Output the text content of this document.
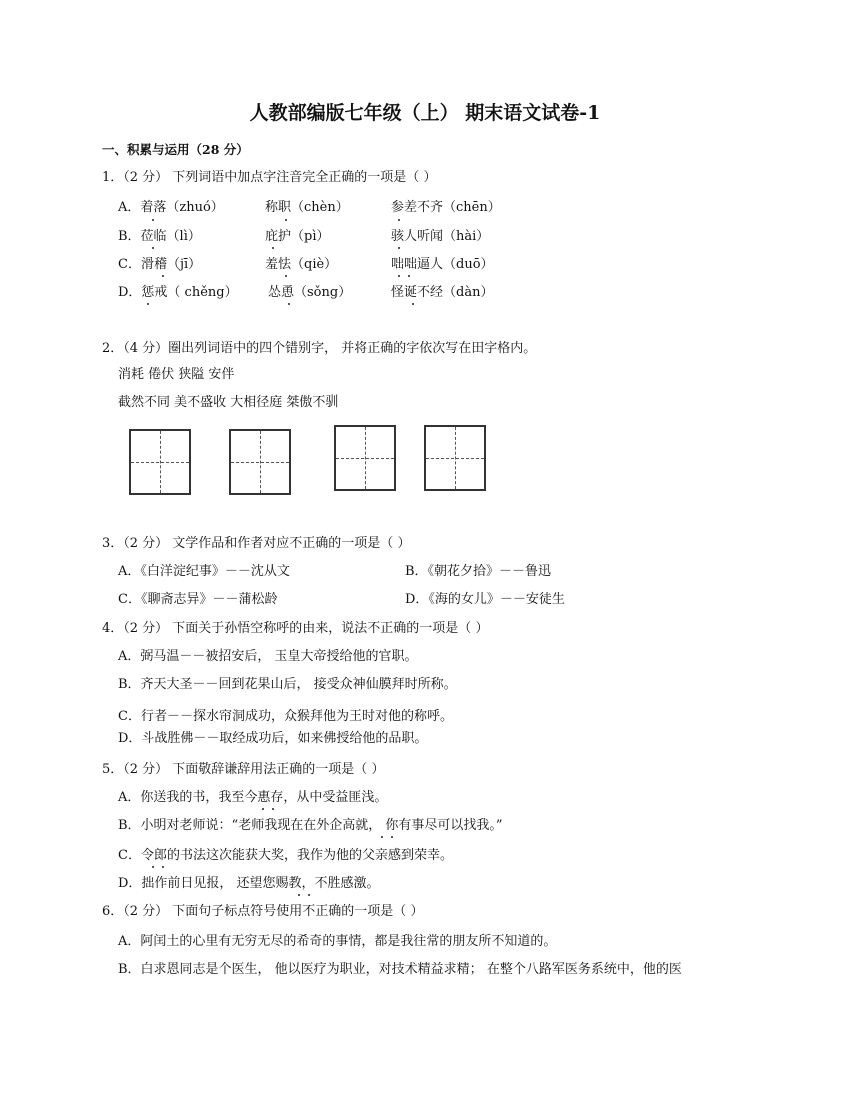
人教部编版七年级（上） 期末语文试卷-1
一、积累与运用（28 分）
1．（2 分） 下列词语中加点字注音完全正确的一项是（ ）
A．着落（zhuó）	称职（chèn）	参差不齐（chēn）
B．莅临（lì）	庇护（pì）	骇人听闻（hài）
C．滑稽（jī）	羞怯（qiè）	咄咄逼人（duō）
D．惩戒（ chěng） 怂恿（sǒng）	怪诞不经（dàn）
2．（4 分）圈出列词语中的四个错别字， 并将正确的字依次写在田字格内。
消耗 倦伏 狭隘 安伴
截然不同 美不盛收 大相径庭 桀傲不驯
3．（2 分） 文学作品和作者对应不正确的一项是（ ）
A．《白洋淀纪事》－－沈从文	B．《朝花夕拾》－－鲁迅
C．《聊斋志异》－－蒲松龄	D．《海的女儿》－－安徒生
4．（2 分） 下面关于孙悟空称呼的由来，说法不正确的一项是（ ）
A．弼马温－－被招安后， 玉皇大帝授给他的官职。
B．齐天大圣－－回到花果山后， 接受众神仙膜拜时所称。
C．行者－－探水帘洞成功，众猴拜他为王时对他的称呼。
D．斗战胜佛－－取经成功后，如来佛授给他的品职。
5．（2 分） 下面敬辞谦辞用法正确的一项是（ ）
A．你送我的书，我至今惠存，从中受益匪浅。
B．小明对老师说：“老师我现在在外企高就， 你有事尽可以找我。”
C．令郎的书法这次能获大奖，我作为他的父亲感到荣幸。
D．拙作前日见报， 还望您赐教，不胜感激。
6．（2 分） 下面句子标点符号使用不正确的一项是（ ）
A．阿闰土的心里有无穷无尽的希奇的事情，都是我往常的朋友所不知道的。
B．白求恩同志是个医生， 他以医疗为职业，对技术精益求精； 在整个八路军医务系统中，他的医
